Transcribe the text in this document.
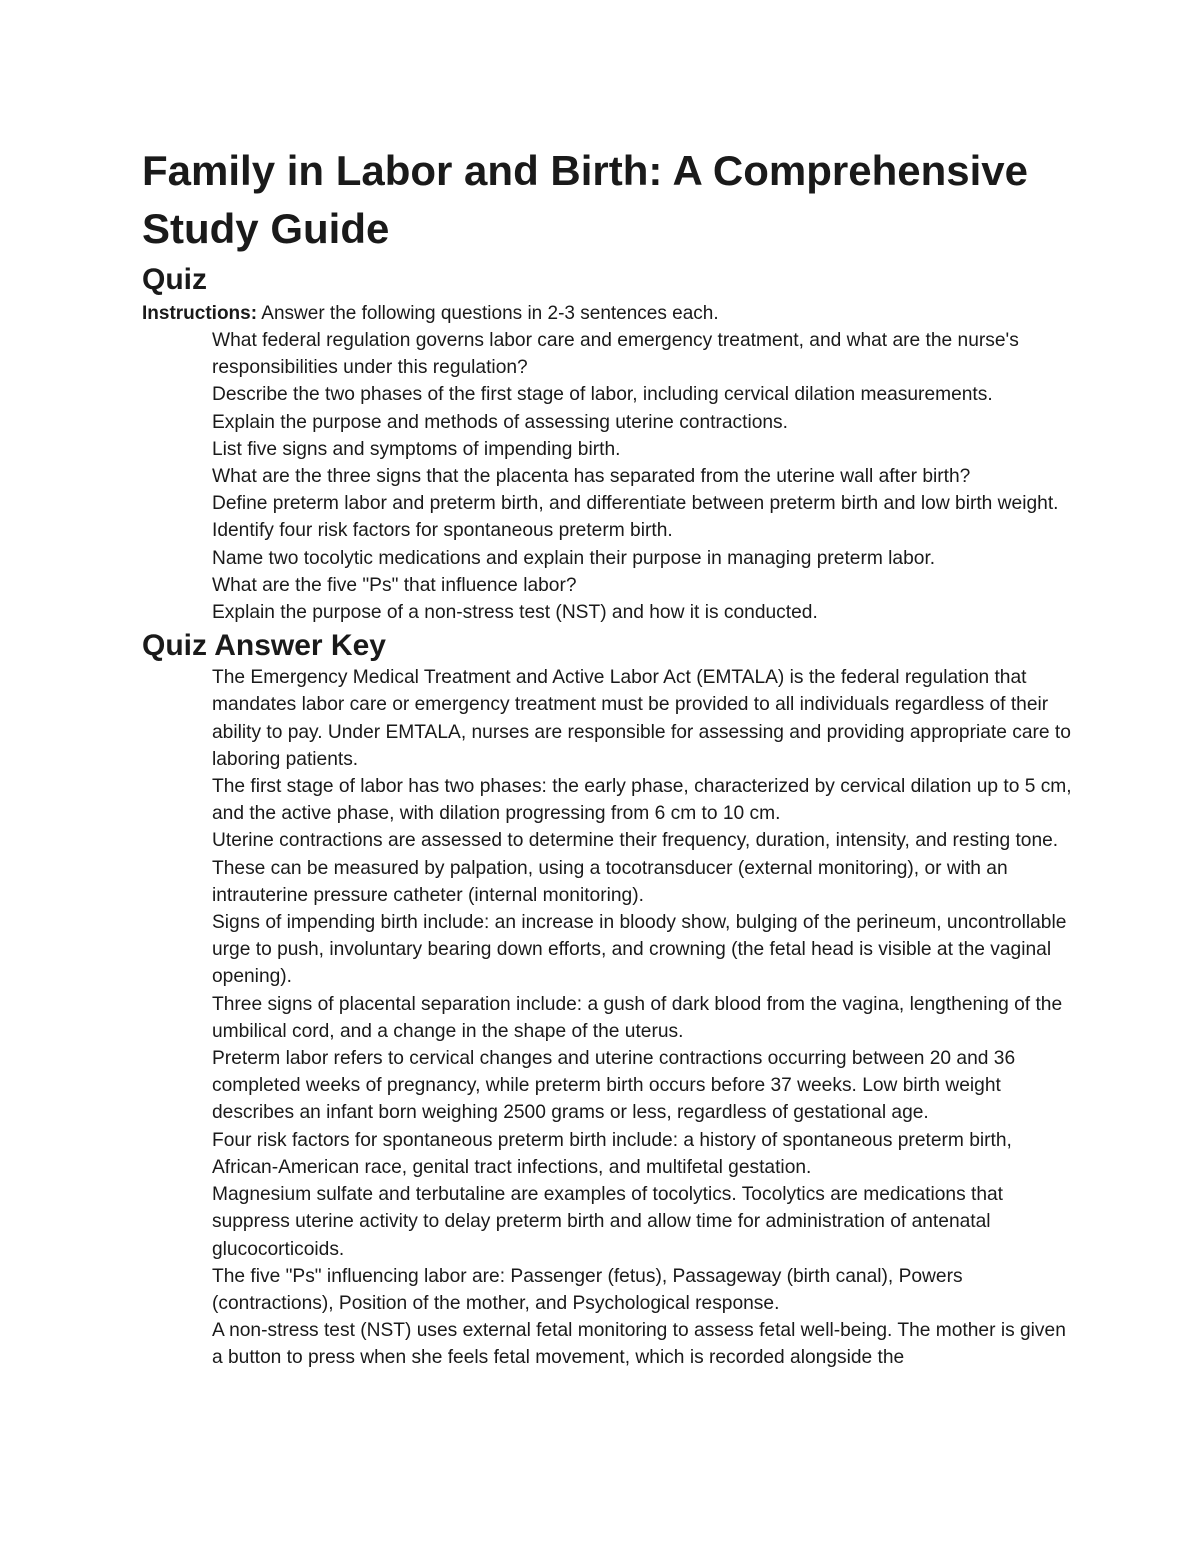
Family in Labor and Birth: A Comprehensive Study Guide
Quiz

Instructions: Answer the following questions in 2-3 sentences each.

What federal regulation governs labor care and emergency treatment, and what are the nurse's responsibilities under this regulation?
Describe the two phases of the first stage of labor, including cervical dilation measurements.
Explain the purpose and methods of assessing uterine contractions.
List five signs and symptoms of impending birth.
What are the three signs that the placenta has separated from the uterine wall after birth?
Define preterm labor and preterm birth, and differentiate between preterm birth and low birth weight.
Identify four risk factors for spontaneous preterm birth.
Name two tocolytic medications and explain their purpose in managing preterm labor.
What are the five "Ps" that influence labor?
Explain the purpose of a non-stress test (NST) and how it is conducted.
Quiz Answer Key
The Emergency Medical Treatment and Active Labor Act (EMTALA) is the federal regulation that mandates labor care or emergency treatment must be provided to all individuals regardless of their ability to pay. Under EMTALA, nurses are responsible for assessing and providing appropriate care to laboring patients.
The first stage of labor has two phases: the early phase, characterized by cervical dilation up to 5 cm, and the active phase, with dilation progressing from 6 cm to 10 cm.
Uterine contractions are assessed to determine their frequency, duration, intensity, and resting tone. These can be measured by palpation, using a tocotransducer (external monitoring), or with an intrauterine pressure catheter (internal monitoring).
Signs of impending birth include: an increase in bloody show, bulging of the perineum, uncontrollable urge to push, involuntary bearing down efforts, and crowning (the fetal head is visible at the vaginal opening).
Three signs of placental separation include: a gush of dark blood from the vagina, lengthening of the umbilical cord, and a change in the shape of the uterus.
Preterm labor refers to cervical changes and uterine contractions occurring between 20 and 36 completed weeks of pregnancy, while preterm birth occurs before 37 weeks. Low birth weight describes an infant born weighing 2500 grams or less, regardless of gestational age.
Four risk factors for spontaneous preterm birth include: a history of spontaneous preterm birth, African-American race, genital tract infections, and multifetal gestation.
Magnesium sulfate and terbutaline are examples of tocolytics. Tocolytics are medications that suppress uterine activity to delay preterm birth and allow time for administration of antenatal glucocorticoids.
The five "Ps" influencing labor are: Passenger (fetus), Passageway (birth canal), Powers (contractions), Position of the mother, and Psychological response.
A non-stress test (NST) uses external fetal monitoring to assess fetal well-being. The mother is given a button to press when she feels fetal movement, which is recorded alongside the
